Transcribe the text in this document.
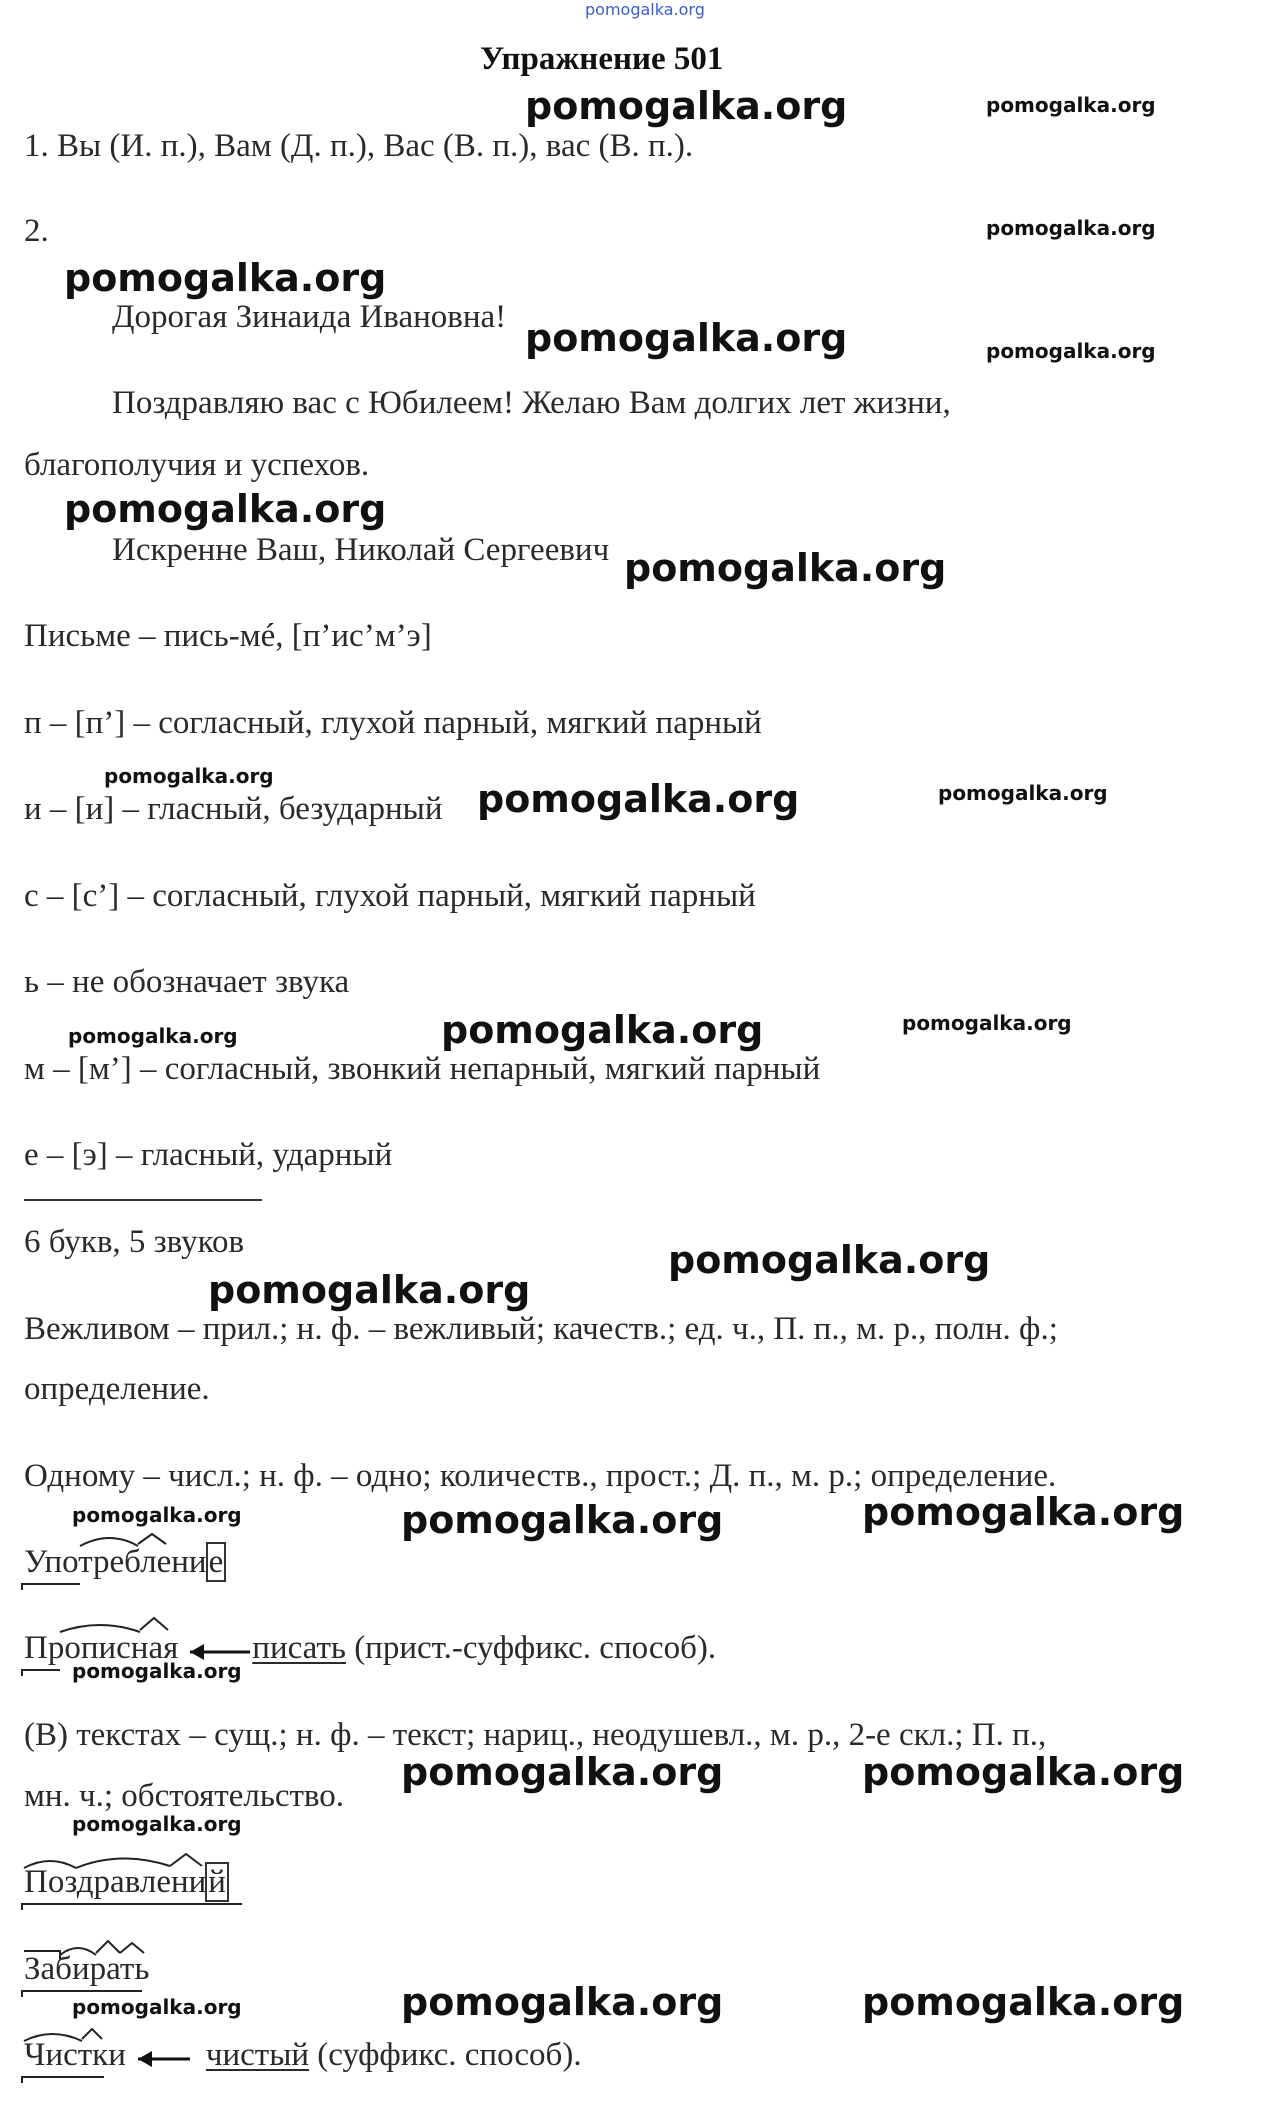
pomogalka.org
Упражнение 501
1. Вы (И. п.), Вам (Д. п.), Вас (В. п.), вас (В. п.).
2.
Дорогая Зинаида Ивановна!
Поздравляю вас с Юбилеем! Желаю Вам долгих лет жизни,
благополучия и успехов.
Искренне Ваш, Николай Сергеевич
Письме – пись-мé, [п’ис’м’э]
п – [п’] – согласный, глухой парный, мягкий парный
и – [и] – гласный, безударный
с – [с’] – согласный, глухой парный, мягкий парный
ь – не обозначает звука
м – [м’] – согласный, звонкий непарный, мягкий парный
е – [э] – гласный, ударный
6 букв, 5 звуков
Вежливом – прил.; н. ф. – вежливый; качеств.; ед. ч., П. п., м. р., полн. ф.;
определение.
Одному – числ.; н. ф. – одно; количеств., прост.; Д. п., м. р.; определение.
Употребление
Прописная писать (прист.-суффикс. способ).
(В) текстах – сущ.; н. ф. – текст; нариц., неодушевл., м. р., 2-е скл.; П. п.,
мн. ч.; обстоятельство.
Поздравлений
Забирать
Чистки чистый (суффикс. способ).
pomogalka.org	pomogalka.org
pomogalka.org
pomogalka.org
pomogalka.org	pomogalka.org
pomogalka.org
pomogalka.org
pomogalka.org
pomogalka.org	pomogalka.org
pomogalka.org	pomogalka.org	pomogalka.org
pomogalka.org
pomogalka.org
pomogalka.org	pomogalka.org	pomogalka.org
pomogalka.org
pomogalka.org	pomogalka.org
pomogalka.org
pomogalka.org	pomogalka.org	pomogalka.org
